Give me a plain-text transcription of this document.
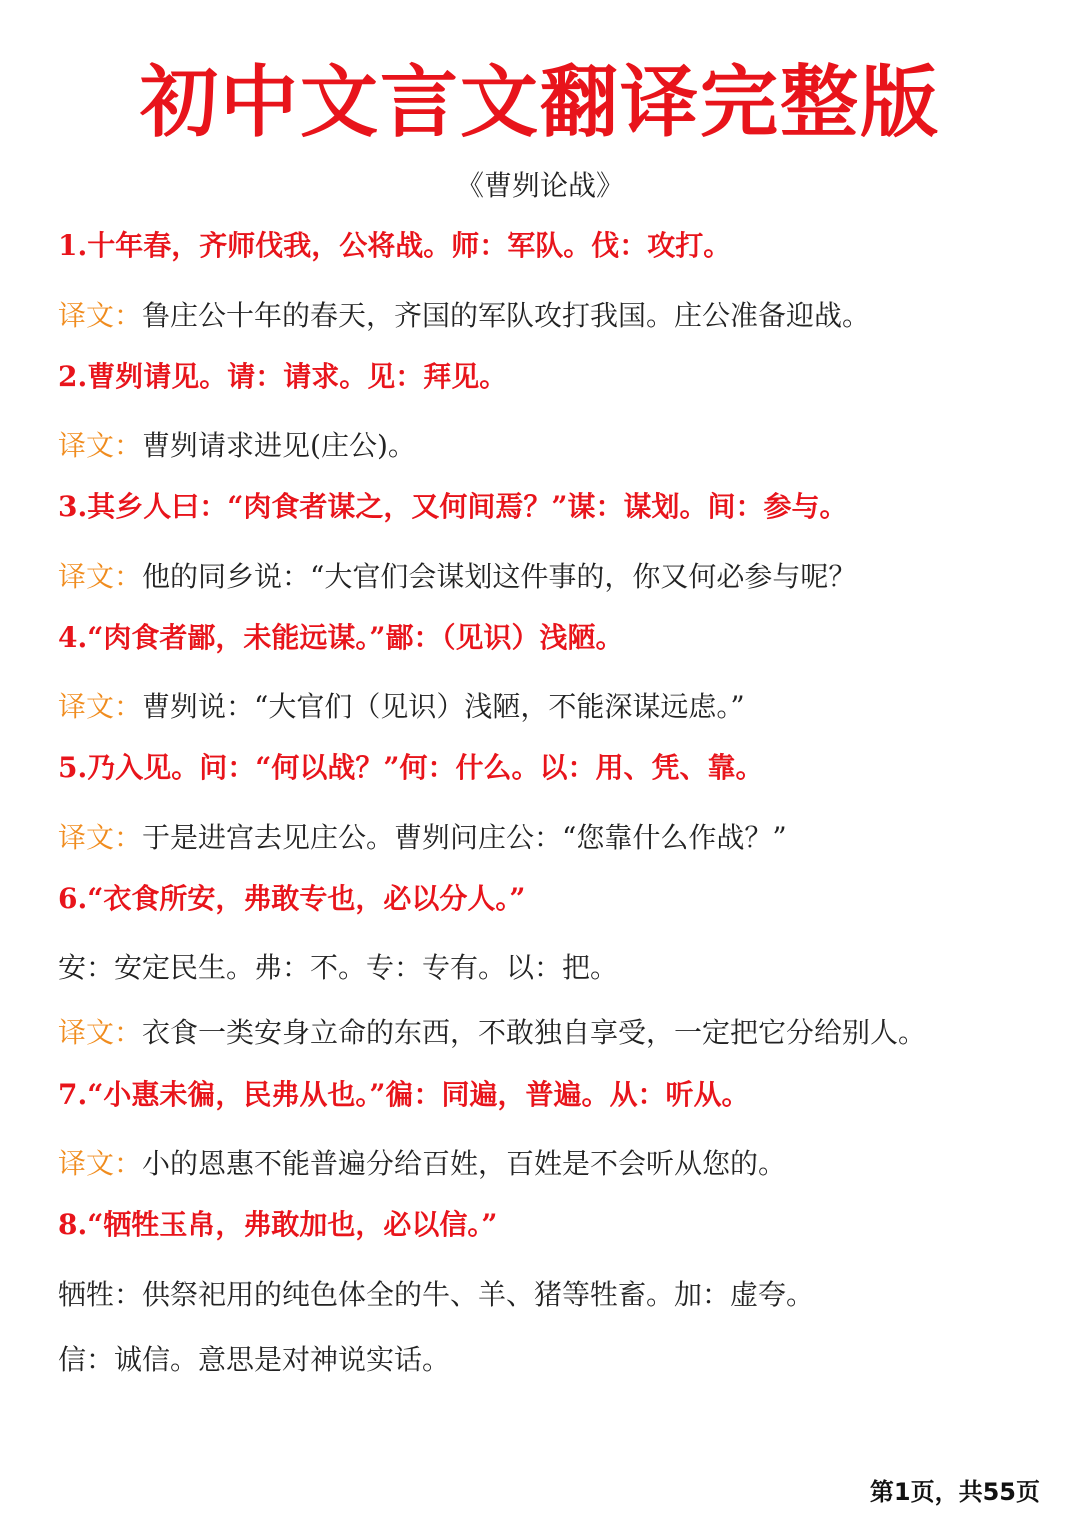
初中文言文翻译完整版
《曹刿论战》
1.十年春，齐师伐我，公将战。师：军队。伐：攻打。
译文：鲁庄公十年的春天，齐国的军队攻打我国。庄公准备迎战。
2.曹刿请见。请：请求。见：拜见。
译文：曹刿请求进见(庄公)。
3.其乡人曰：“肉食者谋之，又何间焉？”谋：谋划。间：参与。
译文：他的同乡说：“大官们会谋划这件事的，你又何必参与呢？
4.“肉食者鄙，未能远谋。”鄙：（见识）浅陋。
译文：曹刿说：“大官们（见识）浅陋，不能深谋远虑。”
5.乃入见。问：“何以战？”何：什么。以：用、凭、靠。
译文：于是进宫去见庄公。曹刿问庄公：“您靠什么作战？”
6.“衣食所安，弗敢专也，必以分人。”
安：安定民生。弗：不。专：专有。以：把。
译文：衣食一类安身立命的东西，不敢独自享受，一定把它分给别人。
7.“小惠未徧，民弗从也。”徧：同遍，普遍。从：听从。
译文：小的恩惠不能普遍分给百姓，百姓是不会听从您的。
8.“牺牲玉帛，弗敢加也，必以信。”
牺牲：供祭祀用的纯色体全的牛、羊、猪等牲畜。加：虚夸。
信：诚信。意思是对神说实话。
第1页，共55页
